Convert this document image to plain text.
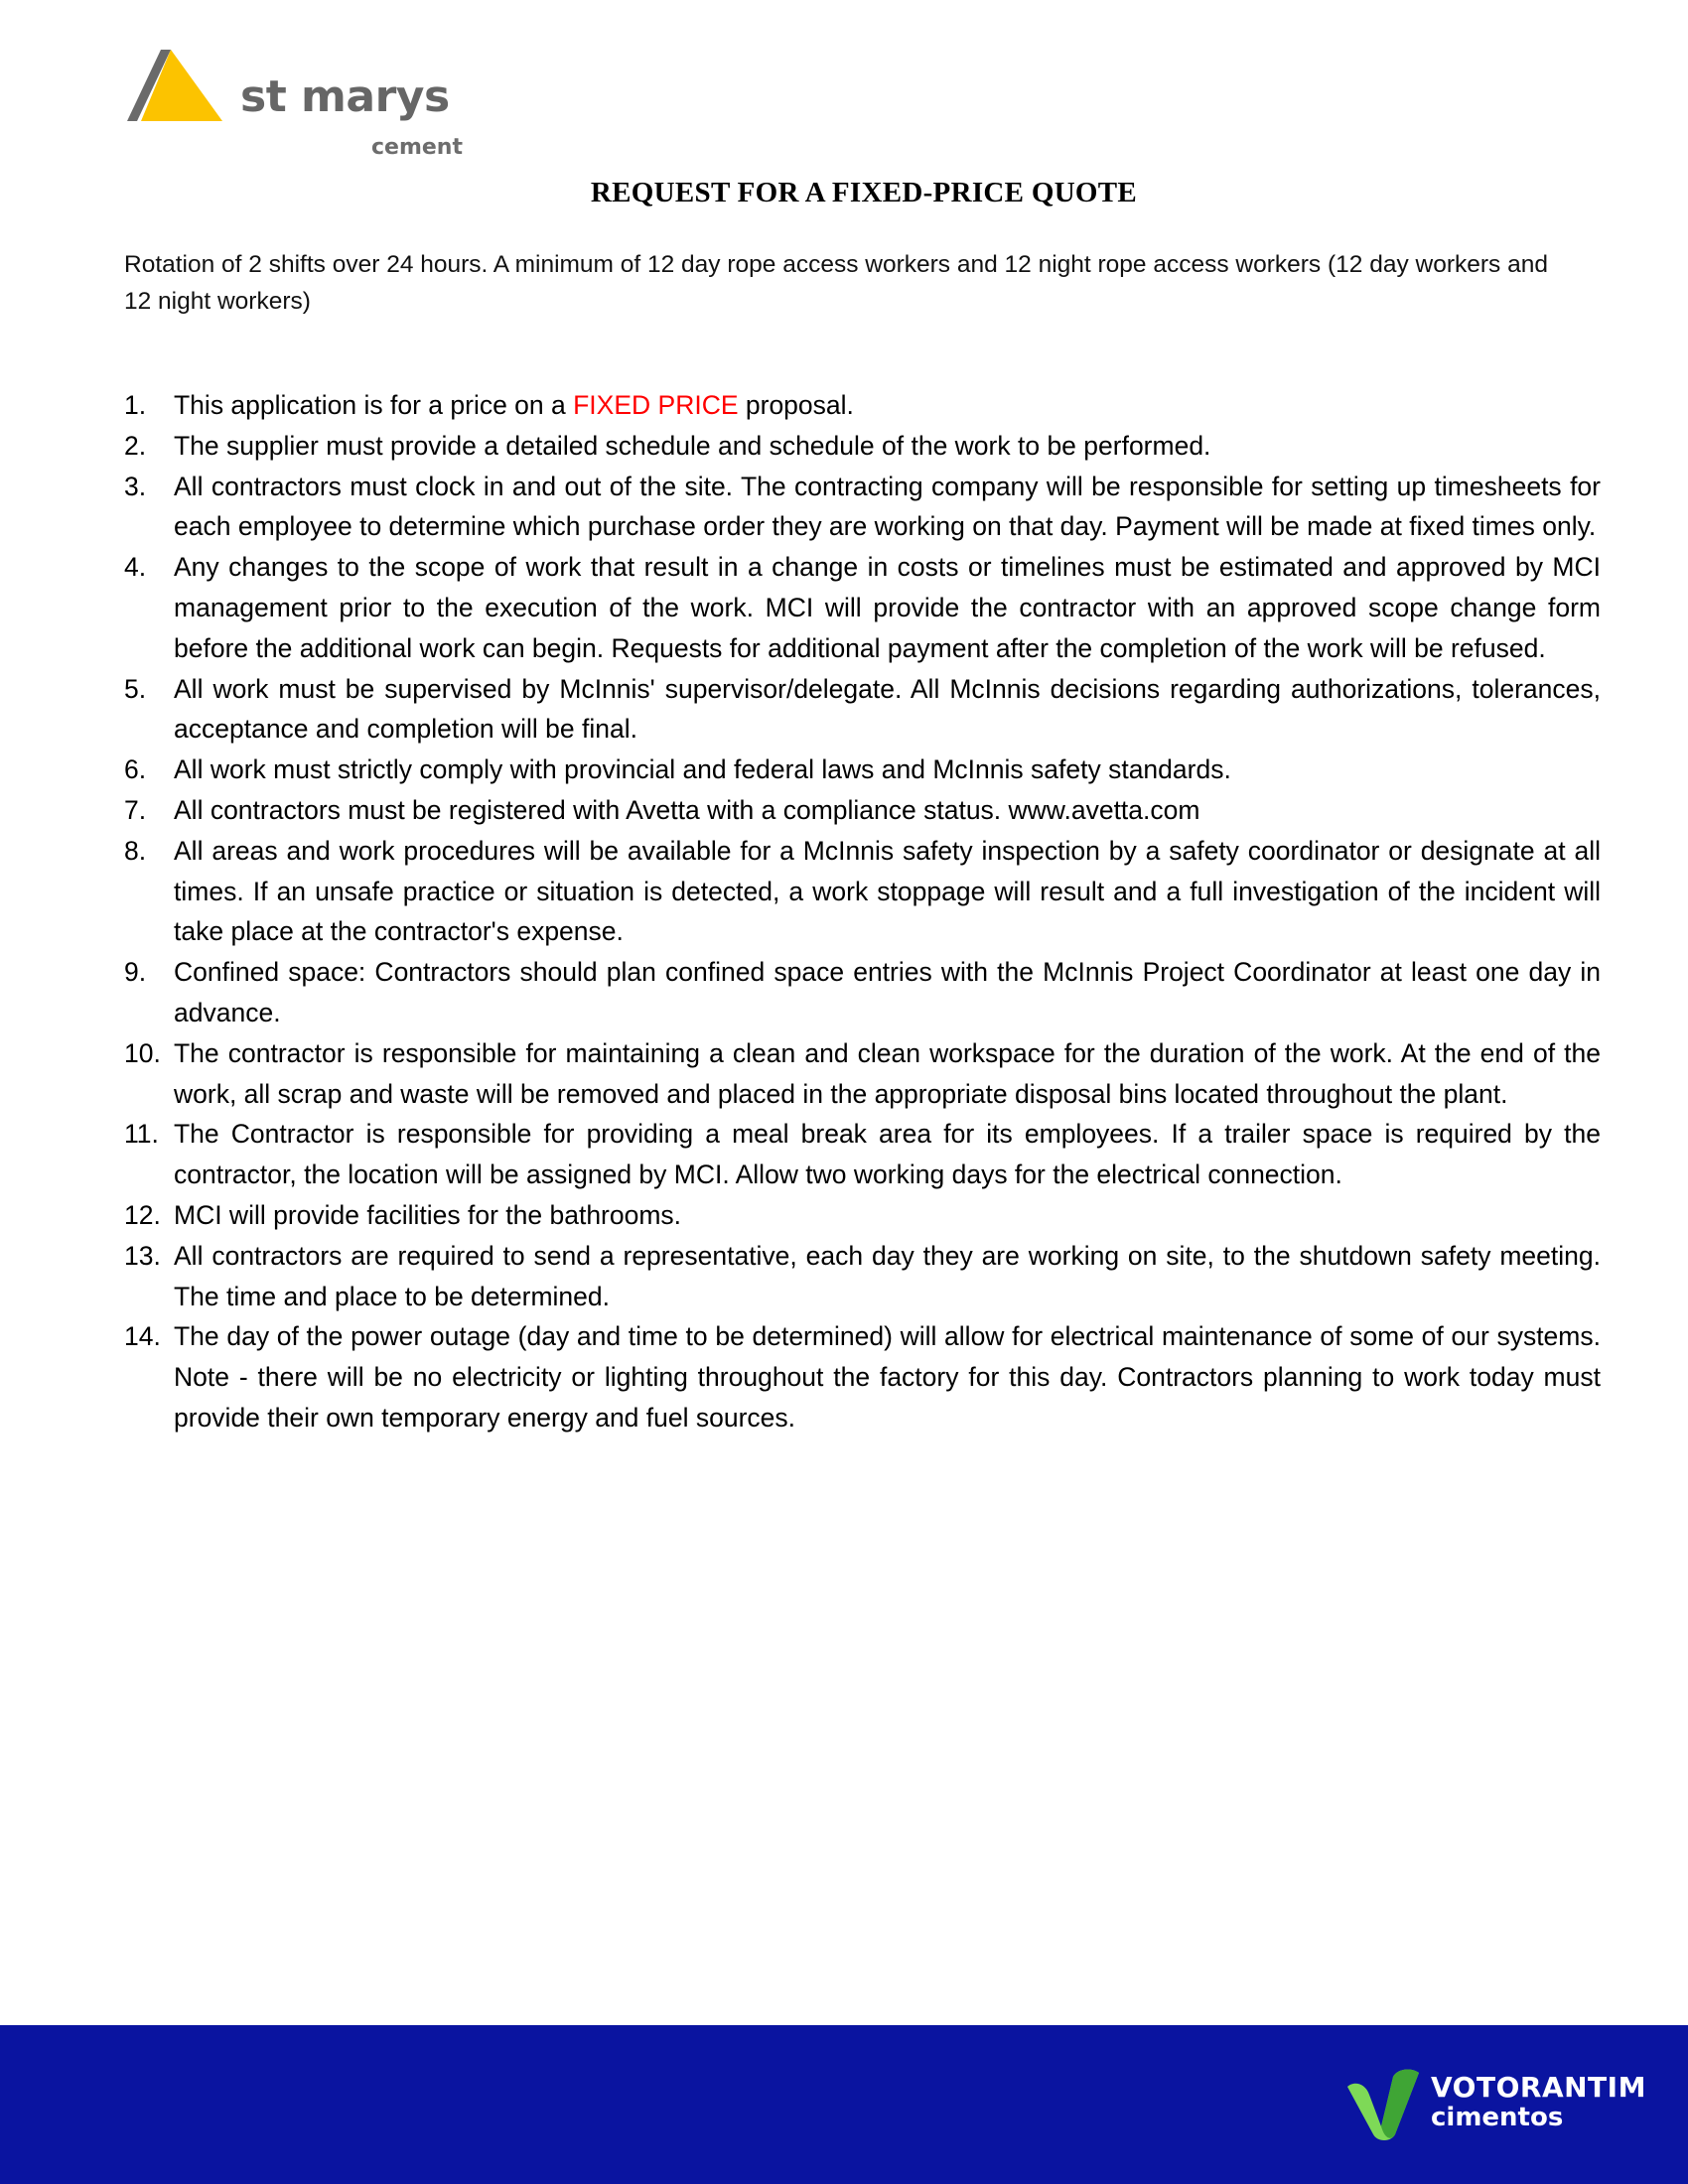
st marys
cement
REQUEST FOR A FIXED-PRICE QUOTE

Rotation of 2 shifts over 24 hours. A minimum of 12 day rope access workers and 12 night rope access workers (12 day workers and 12 night workers)

1. This application is for a price on a FIXED PRICE proposal.
2. The supplier must provide a detailed schedule and schedule of the work to be performed.
3. All contractors must clock in and out of the site. The contracting company will be responsible for setting up timesheets for each employee to determine which purchase order they are working on that day. Payment will be made at fixed times only.
4. Any changes to the scope of work that result in a change in costs or timelines must be estimated and approved by MCI management prior to the execution of the work. MCI will provide the contractor with an approved scope change form before the additional work can begin. Requests for additional payment after the completion of the work will be refused.
5. All work must be supervised by McInnis' supervisor/delegate. All McInnis decisions regarding authorizations, tolerances, acceptance and completion will be final.
6. All work must strictly comply with provincial and federal laws and McInnis safety standards.
7. All contractors must be registered with Avetta with a compliance status. www.avetta.com
8. All areas and work procedures will be available for a McInnis safety inspection by a safety coordinator or designate at all times. If an unsafe practice or situation is detected, a work stoppage will result and a full investigation of the incident will take place at the contractor's expense.
9. Confined space: Contractors should plan confined space entries with the McInnis Project Coordinator at least one day in advance.
10. The contractor is responsible for maintaining a clean and clean workspace for the duration of the work. At the end of the work, all scrap and waste will be removed and placed in the appropriate disposal bins located throughout the plant.
11. The Contractor is responsible for providing a meal break area for its employees. If a trailer space is required by the contractor, the location will be assigned by MCI. Allow two working days for the electrical connection.
12. MCI will provide facilities for the bathrooms.
13. All contractors are required to send a representative, each day they are working on site, to the shutdown safety meeting. The time and place to be determined.
14. The day of the power outage (day and time to be determined) will allow for electrical maintenance of some of our systems. Note - there will be no electricity or lighting throughout the factory for this day. Contractors planning to work today must provide their own temporary energy and fuel sources.
VOTORANTIM
cimentos
